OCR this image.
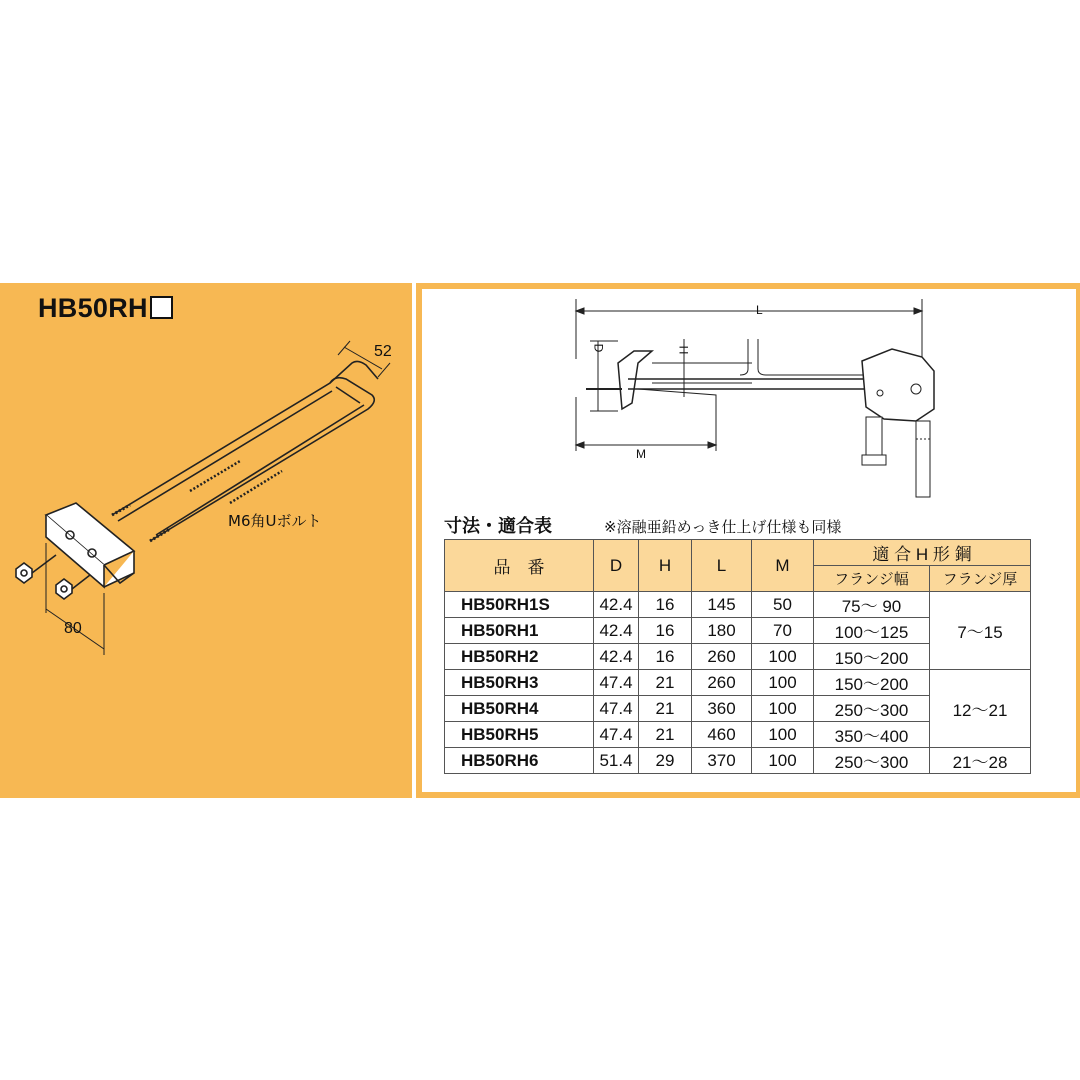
HB50RH
52
80
M6角Uボルト
L
D	H
M
寸法・適合表	※溶融亜鉛めっき仕上げ仕様も同様
品　番	D	H	L	M	適 合 H 形 鋼	
					フランジ幅	フランジ厚
HB50RH1S	42.4	16	145	50	75〜 90	7〜15
HB50RH1	42.4	16	180	70	100〜125	
HB50RH2	42.4	16	260	100	150〜200	
HB50RH3	47.4	21	260	100	150〜200	12〜21
HB50RH4	47.4	21	360	100	250〜300	
HB50RH5	47.4	21	460	100	350〜400	
HB50RH6	51.4	29	370	100	250〜300	21〜28
